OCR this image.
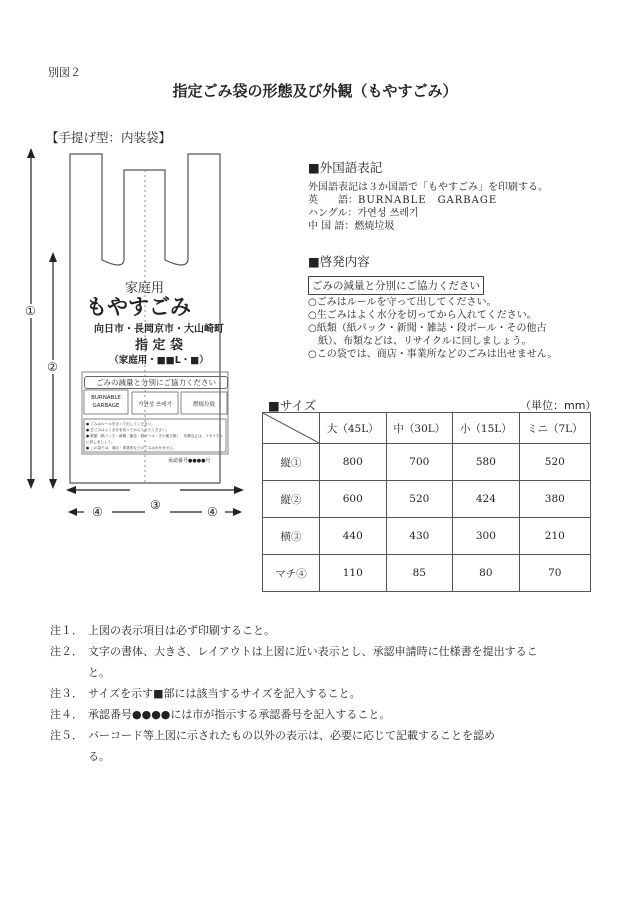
別図２
指定ごみ袋の形態及び外観（もやすごみ）
【手提げ型：内装袋】
家庭用
もやすごみ
向日市・長岡京市・大山崎町
指 定 袋
（家庭用・■■L・■）
ごみの減量と分別にご協力ください
BURNABLE GARBAGE	가연성 쓰레기	燃焼垃圾
● ごみはルールを守って出してください。
● 生ごみはよく水分を切ってから入れてください。
● 紙類（紙パック・新聞・雑誌・段ボール・その他古紙）、布類などは、リサイクルに回しましょう。
● この袋では、商店・事業所などのごみは出せません。
承認番号●●●●号
①
②
③
④	④
■外国語表記
外国語表記は３か国語で「もやすごみ」を印刷する。
英　　語：BURNABLE　GARBAGE
ハングル：가연성 쓰레기
中 国 語：燃焼垃圾
■啓発内容
ごみの減量と分別にご協力ください
○ごみはルールを守って出してください。
○生ごみはよく水分を切ってから入れてください。
○紙類（紙パック・新聞・雑誌・段ボール・その他古
　紙）、布類などは、リサイクルに回しましょう。
○この袋では、商店・事業所などのごみは出せません。
■サイズ	（単位：mm）
	大（45L）	中（30L）	小（15L）	ミニ（7L）
縦①	800	700	580	520
縦②	600	520	424	380
横③	440	430	300	210
マチ④	110	85	80	70
注１． 上図の表示項目は必ず印刷すること。
注２． 文字の書体、大きさ、レイアウトは上図に近い表示とし、承認申請時に仕様書を提出するこ
と。
注３． サイズを示す■部には該当するサイズを記入すること。
注４． 承認番号●●●●には市が指示する承認番号を記入すること。
注５． バーコード等上図に示されたもの以外の表示は、必要に応じて記載することを認め
る。
